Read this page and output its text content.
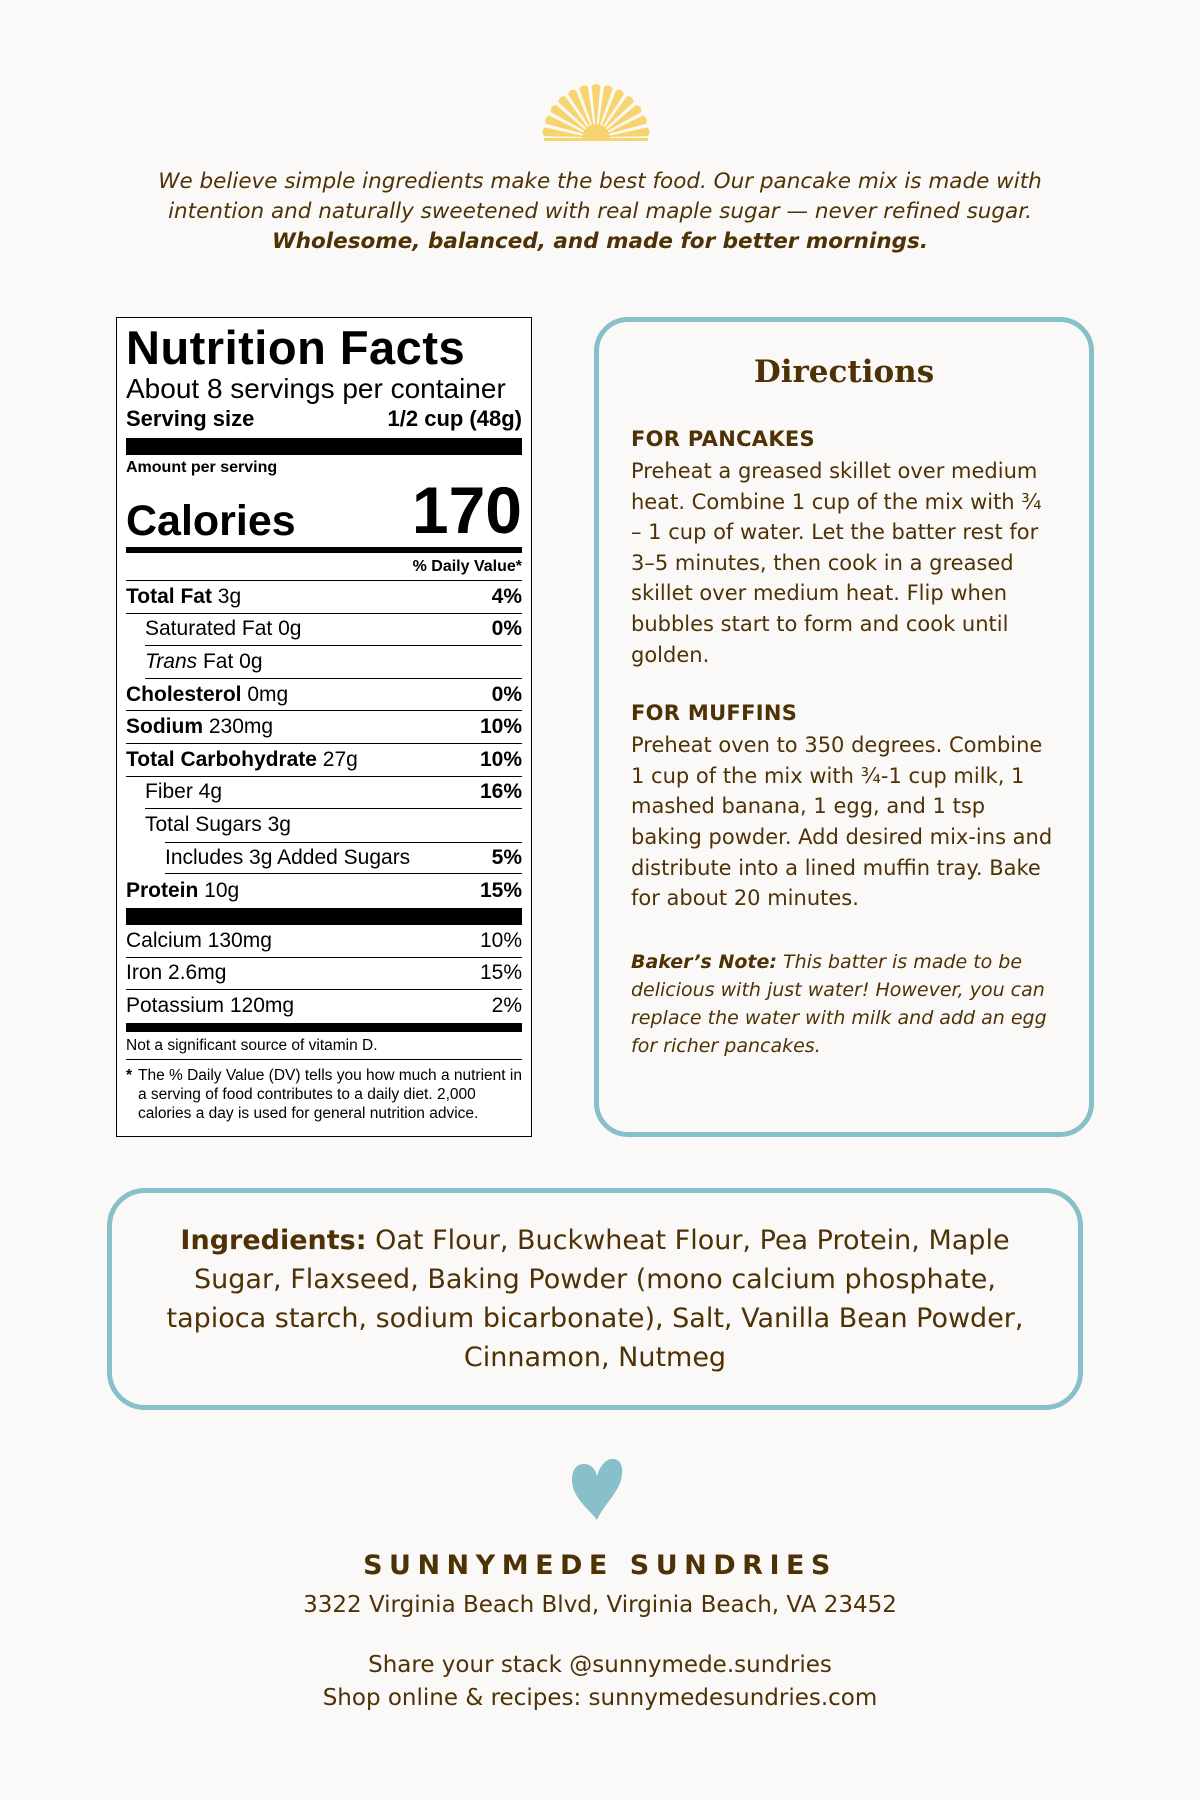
We believe simple ingredients make the best food. Our pancake mix is made with
intention and naturally sweetened with real maple sugar — never refined sugar.
Wholesome, balanced, and made for better mornings.
Nutrition Facts
About 8 servings per container
Serving size	1/2 cup (48g)
Amount per serving
Calories 170
% Daily Value*
Total Fat 3g	4%
Saturated Fat 0g	0%
Trans Fat 0g
Cholesterol 0mg	0%
Sodium 230mg	10%
Total Carbohydrate 27g	10%
Fiber 4g	16%
Total Sugars 3g
Includes 3g Added Sugars	5%
Protein 10g	15%
Calcium 130mg	10%
Iron 2.6mg	15%
Potassium 120mg	2%
Not a significant source of vitamin D.
* The % Daily Value (DV) tells you how much a nutrient in a serving of food contributes to a daily diet. 2,000 calories a day is used for general nutrition advice.
Directions
FOR PANCAKES
Preheat a greased skillet over medium heat. Combine 1 cup of the mix with ¾ – 1 cup of water. Let the batter rest for 3–5 minutes, then cook in a greased skillet over medium heat. Flip when bubbles start to form and cook until golden.
FOR MUFFINS
Preheat oven to 350 degrees. Combine 1 cup of the mix with ¾-1 cup milk, 1 mashed banana, 1 egg, and 1 tsp baking powder. Add desired mix-ins and distribute into a lined muffin tray. Bake for about 20 minutes.
Baker’s Note: This batter is made to be delicious with just water! However, you can replace the water with milk and add an egg for richer pancakes.
Ingredients: Oat Flour, Buckwheat Flour, Pea Protein, Maple Sugar, Flaxseed, Baking Powder (mono calcium phosphate, tapioca starch, sodium bicarbonate), Salt, Vanilla Bean Powder, Cinnamon, Nutmeg
SUNNYMEDE SUNDRIES
3322 Virginia Beach Blvd, Virginia Beach, VA 23452
Share your stack @sunnymede.sundries
Shop online & recipes: sunnymedesundries.com
